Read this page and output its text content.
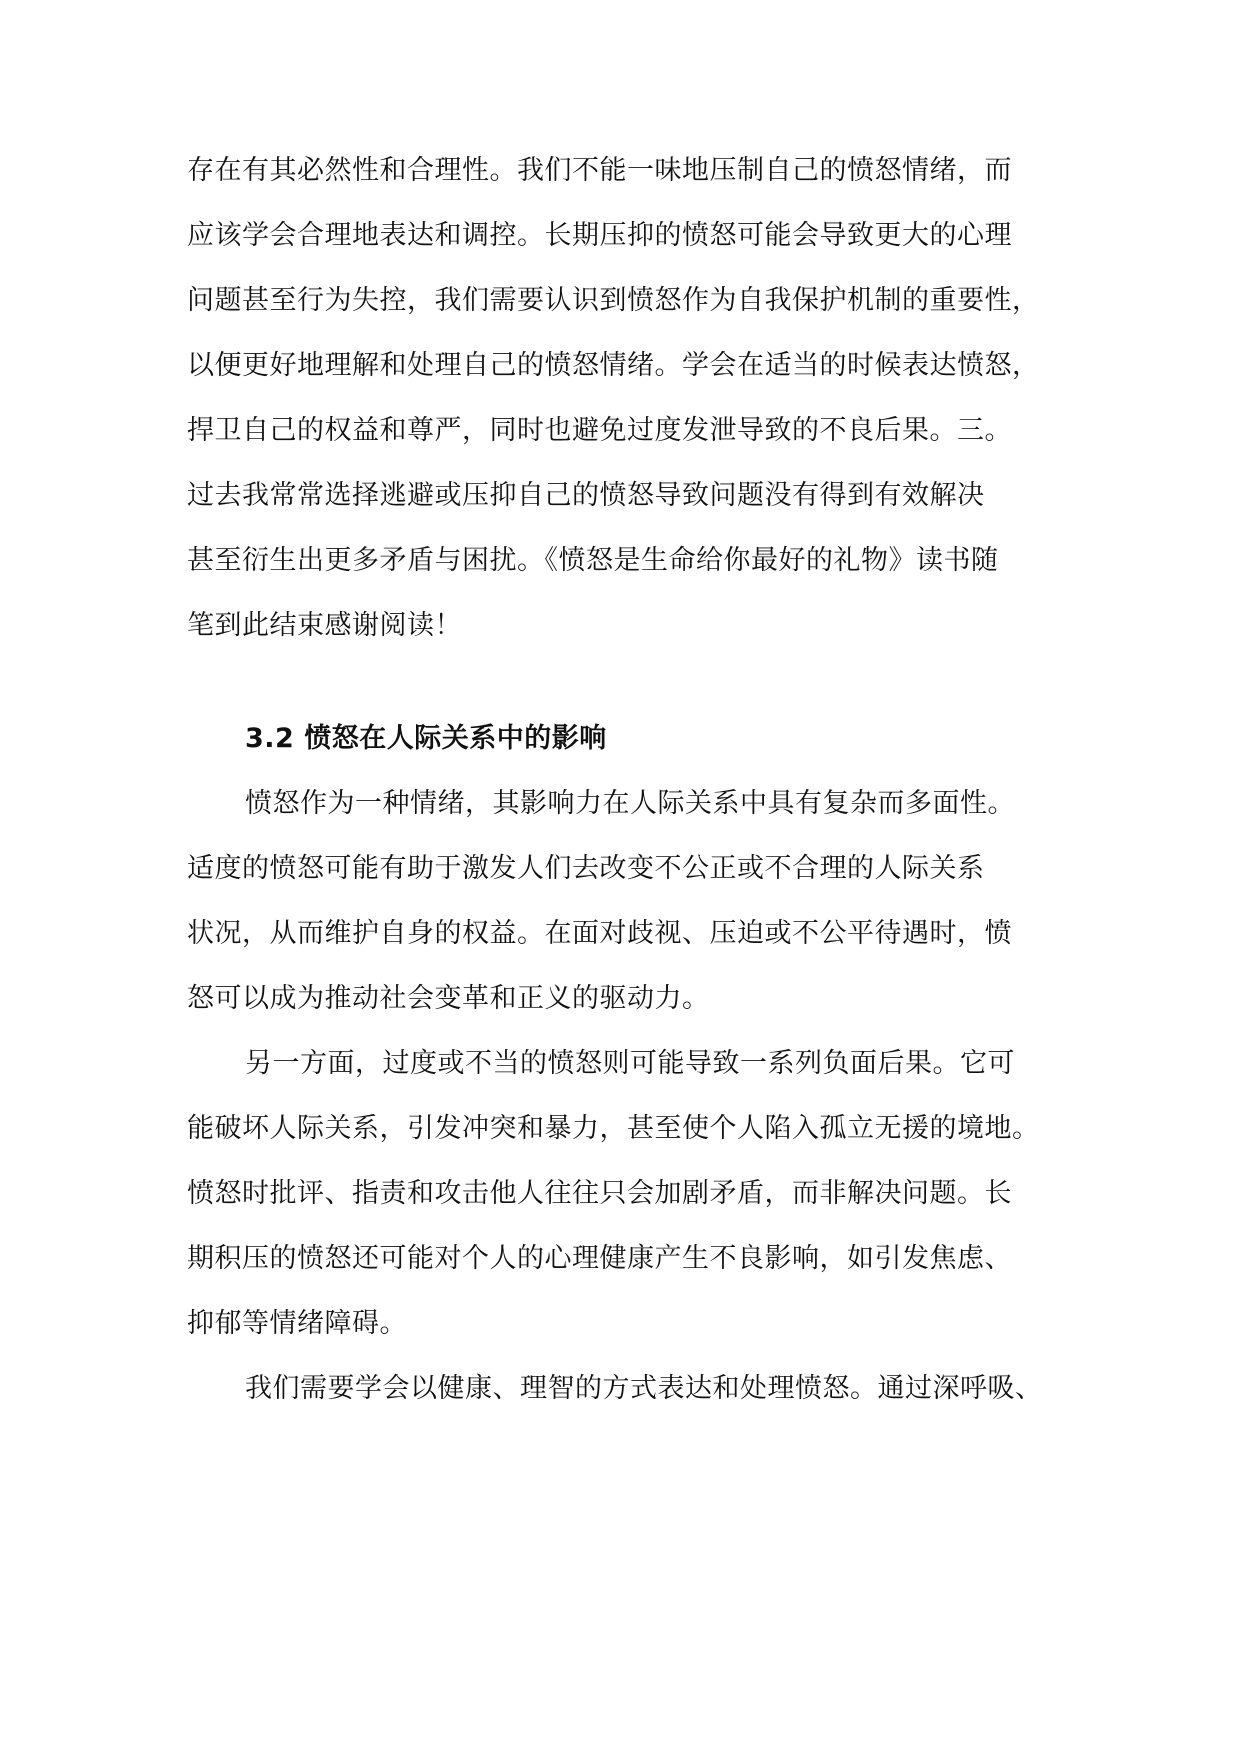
存在有其必然性和合理性。我们不能一味地压制自己的愤怒情绪，而
应该学会合理地表达和调控。长期压抑的愤怒可能会导致更大的心理
问题甚至行为失控，我们需要认识到愤怒作为自我保护机制的重要性，
以便更好地理解和处理自己的愤怒情绪。学会在适当的时候表达愤怒，
捍卫自己的权益和尊严，同时也避免过度发泄导致的不良后果。三。
过去我常常选择逃避或压抑自己的愤怒导致问题没有得到有效解决
甚至衍生出更多矛盾与困扰。《愤怒是生命给你最好的礼物》读书随
笔到此结束感谢阅读！
3.2 愤怒在人际关系中的影响
愤怒作为一种情绪，其影响力在人际关系中具有复杂而多面性。
适度的愤怒可能有助于激发人们去改变不公正或不合理的人际关系
状况，从而维护自身的权益。在面对歧视、压迫或不公平待遇时，愤
怒可以成为推动社会变革和正义的驱动力。
另一方面，过度或不当的愤怒则可能导致一系列负面后果。它可
能破坏人际关系，引发冲突和暴力，甚至使个人陷入孤立无援的境地。
愤怒时批评、指责和攻击他人往往只会加剧矛盾，而非解决问题。长
期积压的愤怒还可能对个人的心理健康产生不良影响，如引发焦虑、
抑郁等情绪障碍。
我们需要学会以健康、理智的方式表达和处理愤怒。通过深呼吸、
